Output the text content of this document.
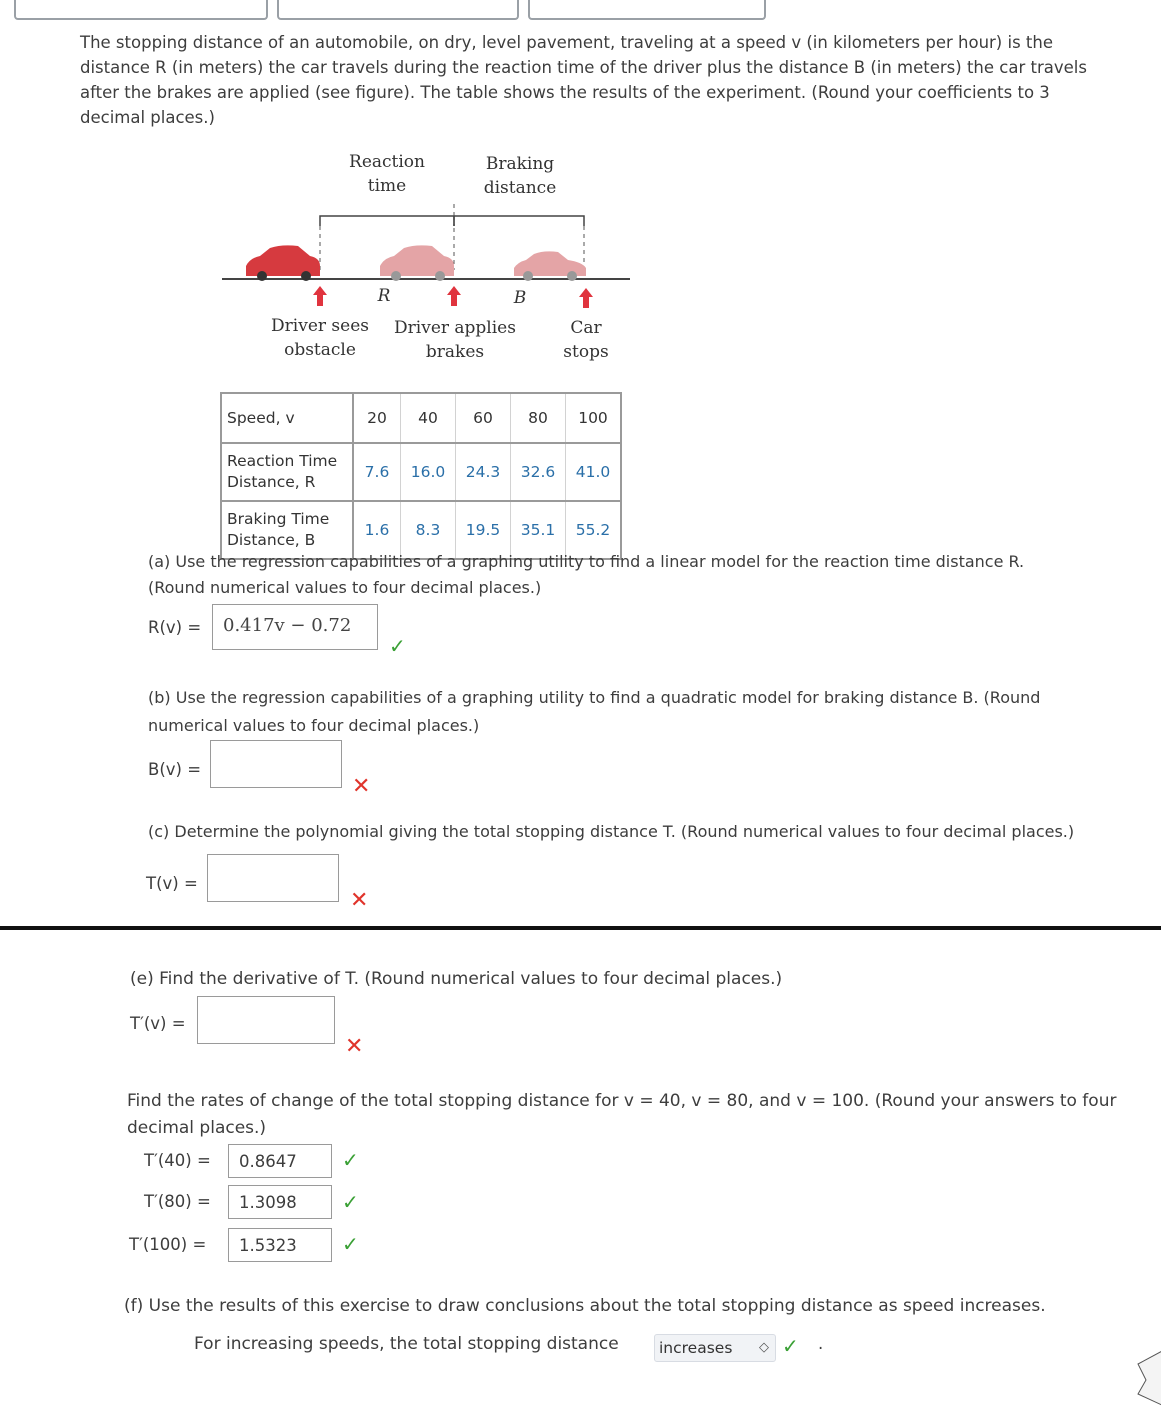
The stopping distance of an automobile, on dry, level pavement, traveling at a speed v (in kilometers per hour) is the distance R (in meters) the car travels during the reaction time of the driver plus the distance B (in meters) the car travels after the brakes are applied (see figure). The table shows the results of the experiment. (Round your coefficients to 3 decimal places.)
Reaction time
Braking distance
R	B
Driver sees obstacle
Driver applies brakes
Car stops
Speed, v	20	40	60	80	100
Reaction Time Distance, R	7.6	16.0	24.3	32.6	41.0
Braking Time Distance, B	1.6	8.3	19.5	35.1	55.2
(a) Use the regression capabilities of a graphing utility to find a linear model for the reaction time distance R. (Round numerical values to four decimal places.)
R(v) = 0.417v − 0.72
✓
(b) Use the regression capabilities of a graphing utility to find a quadratic model for braking distance B. (Round numerical values to four decimal places.)
B(v) =
✕
(c) Determine the polynomial giving the total stopping distance T. (Round numerical values to four decimal places.)
T(v) =
✕
(e) Find the derivative of T. (Round numerical values to four decimal places.)
T′(v) =
✕
Find the rates of change of the total stopping distance for v = 40, v = 80, and v = 100. (Round your answers to four decimal places.)
T′(40) =	0.8647	✓
T′(80) =	1.3098	✓
T′(100) =	1.5323	✓
(f) Use the results of this exercise to draw conclusions about the total stopping distance as speed increases.
For increasing speeds, the total stopping distance	increases ◇ ✓ .
